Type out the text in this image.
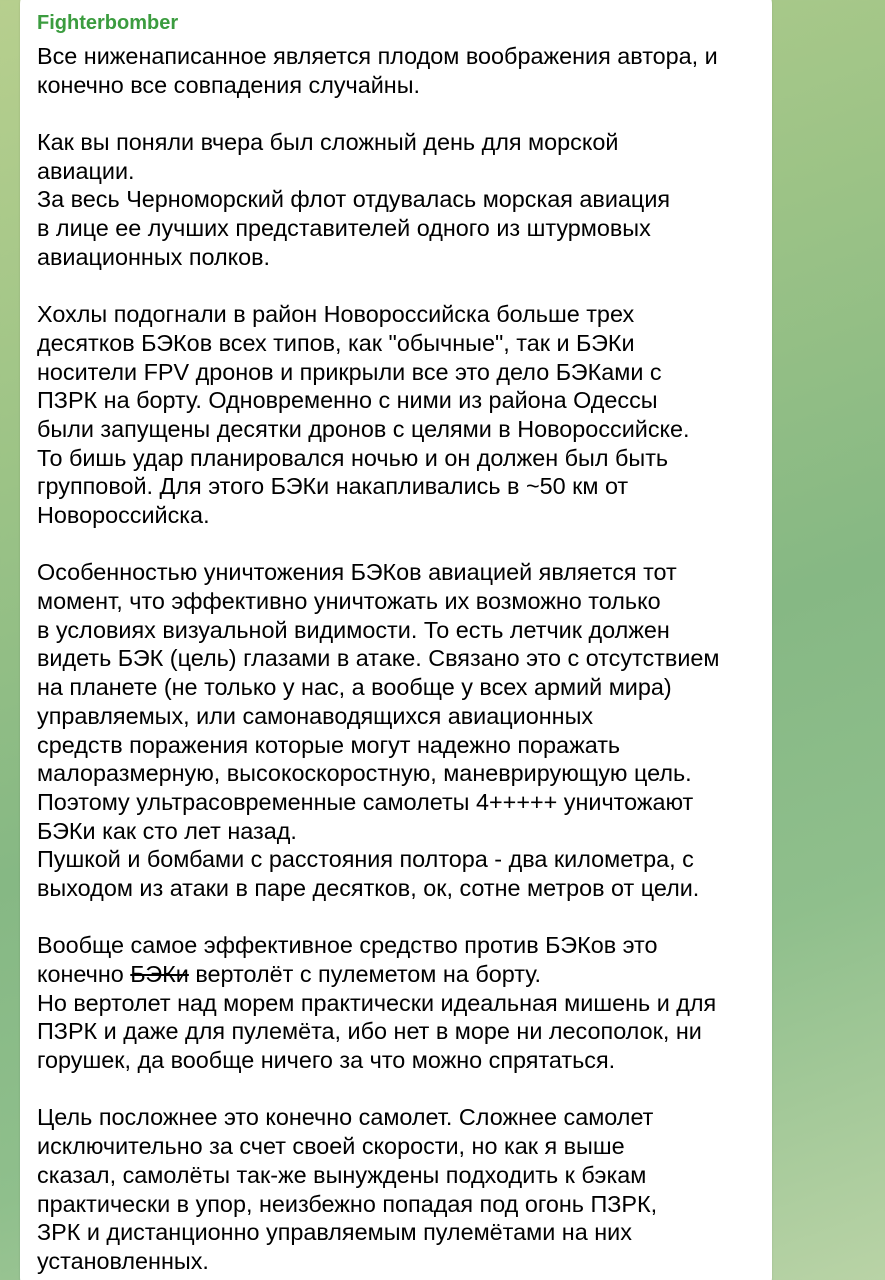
Fighterbomber
Все ниженаписанное является плодом воображения автора, и
конечно все совпадения случайны.
Как вы поняли вчера был сложный день для морской
авиации.
За весь Черноморский флот отдувалась морская авиация
в лице ее лучших представителей одного из штурмовых
авиационных полков.
Хохлы подогнали в район Новороссийска больше трех
десятков БЭКов всех типов, как "обычные", так и БЭКи
носители FPV дронов и прикрыли все это дело БЭКами с
ПЗРК на борту. Одновременно с ними из района Одессы
были запущены десятки дронов с целями в Новороссийске.
То бишь удар планировался ночью и он должен был быть
групповой. Для этого БЭКи накапливались в ~50 км от
Новороссийска.
Особенностью уничтожения БЭКов авиацией является тот
момент, что эффективно уничтожать их возможно только
в условиях визуальной видимости. То есть летчик должен
видеть БЭК (цель) глазами в атаке. Связано это с отсутствием
на планете (не только у нас, а вообще у всех армий мира)
управляемых, или самонаводящихся авиационных
средств поражения которые могут надежно поражать
малоразмерную, высокоскоростную, маневрирующую цель.
Поэтому ультрасовременные самолеты 4+++++ уничтожают
БЭКи как сто лет назад.
Пушкой и бомбами с расстояния полтора - два километра, с
выходом из атаки в паре десятков, ок, сотне метров от цели.
Вообще самое эффективное средство против БЭКов это
конечно БЭКи вертолёт с пулеметом на борту.
Но вертолет над морем практически идеальная мишень и для
ПЗРК и даже для пулемёта, ибо нет в море ни лесополок, ни
горушек, да вообще ничего за что можно спрятаться.
Цель посложнее это конечно самолет. Сложнее самолет
исключительно за счет своей скорости, но как я выше
сказал, самолёты так-же вынуждены подходить к бэкам
практически в упор, неизбежно попадая под огонь ПЗРК,
ЗРК и дистанционно управляемым пулемётами на них
установленных.
